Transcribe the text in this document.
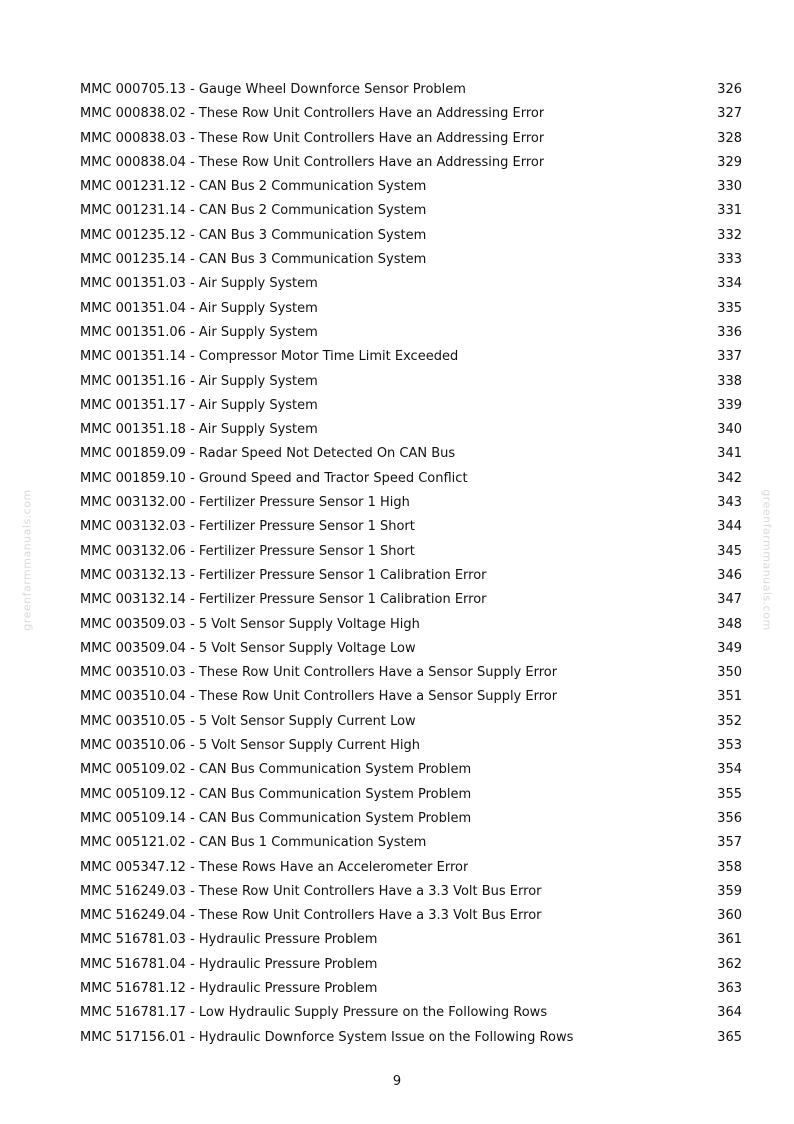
greenfarmmanuals.com	greenfarmmanuals.com
MMC 000705.13 - Gauge Wheel Downforce Sensor Problem	326
MMC 000838.02 - These Row Unit Controllers Have an Addressing Error	327
MMC 000838.03 - These Row Unit Controllers Have an Addressing Error	328
MMC 000838.04 - These Row Unit Controllers Have an Addressing Error	329
MMC 001231.12 - CAN Bus 2 Communication System	330
MMC 001231.14 - CAN Bus 2 Communication System	331
MMC 001235.12 - CAN Bus 3 Communication System	332
MMC 001235.14 - CAN Bus 3 Communication System	333
MMC 001351.03 - Air Supply System	334
MMC 001351.04 - Air Supply System	335
MMC 001351.06 - Air Supply System	336
MMC 001351.14 - Compressor Motor Time Limit Exceeded	337
MMC 001351.16 - Air Supply System	338
MMC 001351.17 - Air Supply System	339
MMC 001351.18 - Air Supply System	340
MMC 001859.09 - Radar Speed Not Detected On CAN Bus	341
MMC 001859.10 - Ground Speed and Tractor Speed Conflict	342
MMC 003132.00 - Fertilizer Pressure Sensor 1 High	343
MMC 003132.03 - Fertilizer Pressure Sensor 1 Short	344
MMC 003132.06 - Fertilizer Pressure Sensor 1 Short	345
MMC 003132.13 - Fertilizer Pressure Sensor 1 Calibration Error	346
MMC 003132.14 - Fertilizer Pressure Sensor 1 Calibration Error	347
MMC 003509.03 - 5 Volt Sensor Supply Voltage High	348
MMC 003509.04 - 5 Volt Sensor Supply Voltage Low	349
MMC 003510.03 - These Row Unit Controllers Have a Sensor Supply Error	350
MMC 003510.04 - These Row Unit Controllers Have a Sensor Supply Error	351
MMC 003510.05 - 5 Volt Sensor Supply Current Low	352
MMC 003510.06 - 5 Volt Sensor Supply Current High	353
MMC 005109.02 - CAN Bus Communication System Problem	354
MMC 005109.12 - CAN Bus Communication System Problem	355
MMC 005109.14 - CAN Bus Communication System Problem	356
MMC 005121.02 - CAN Bus 1 Communication System	357
MMC 005347.12 - These Rows Have an Accelerometer Error	358
MMC 516249.03 - These Row Unit Controllers Have a 3.3 Volt Bus Error	359
MMC 516249.04 - These Row Unit Controllers Have a 3.3 Volt Bus Error	360
MMC 516781.03 - Hydraulic Pressure Problem	361
MMC 516781.04 - Hydraulic Pressure Problem	362
MMC 516781.12 - Hydraulic Pressure Problem	363
MMC 516781.17 - Low Hydraulic Supply Pressure on the Following Rows	364
MMC 517156.01 - Hydraulic Downforce System Issue on the Following Rows	365
9
